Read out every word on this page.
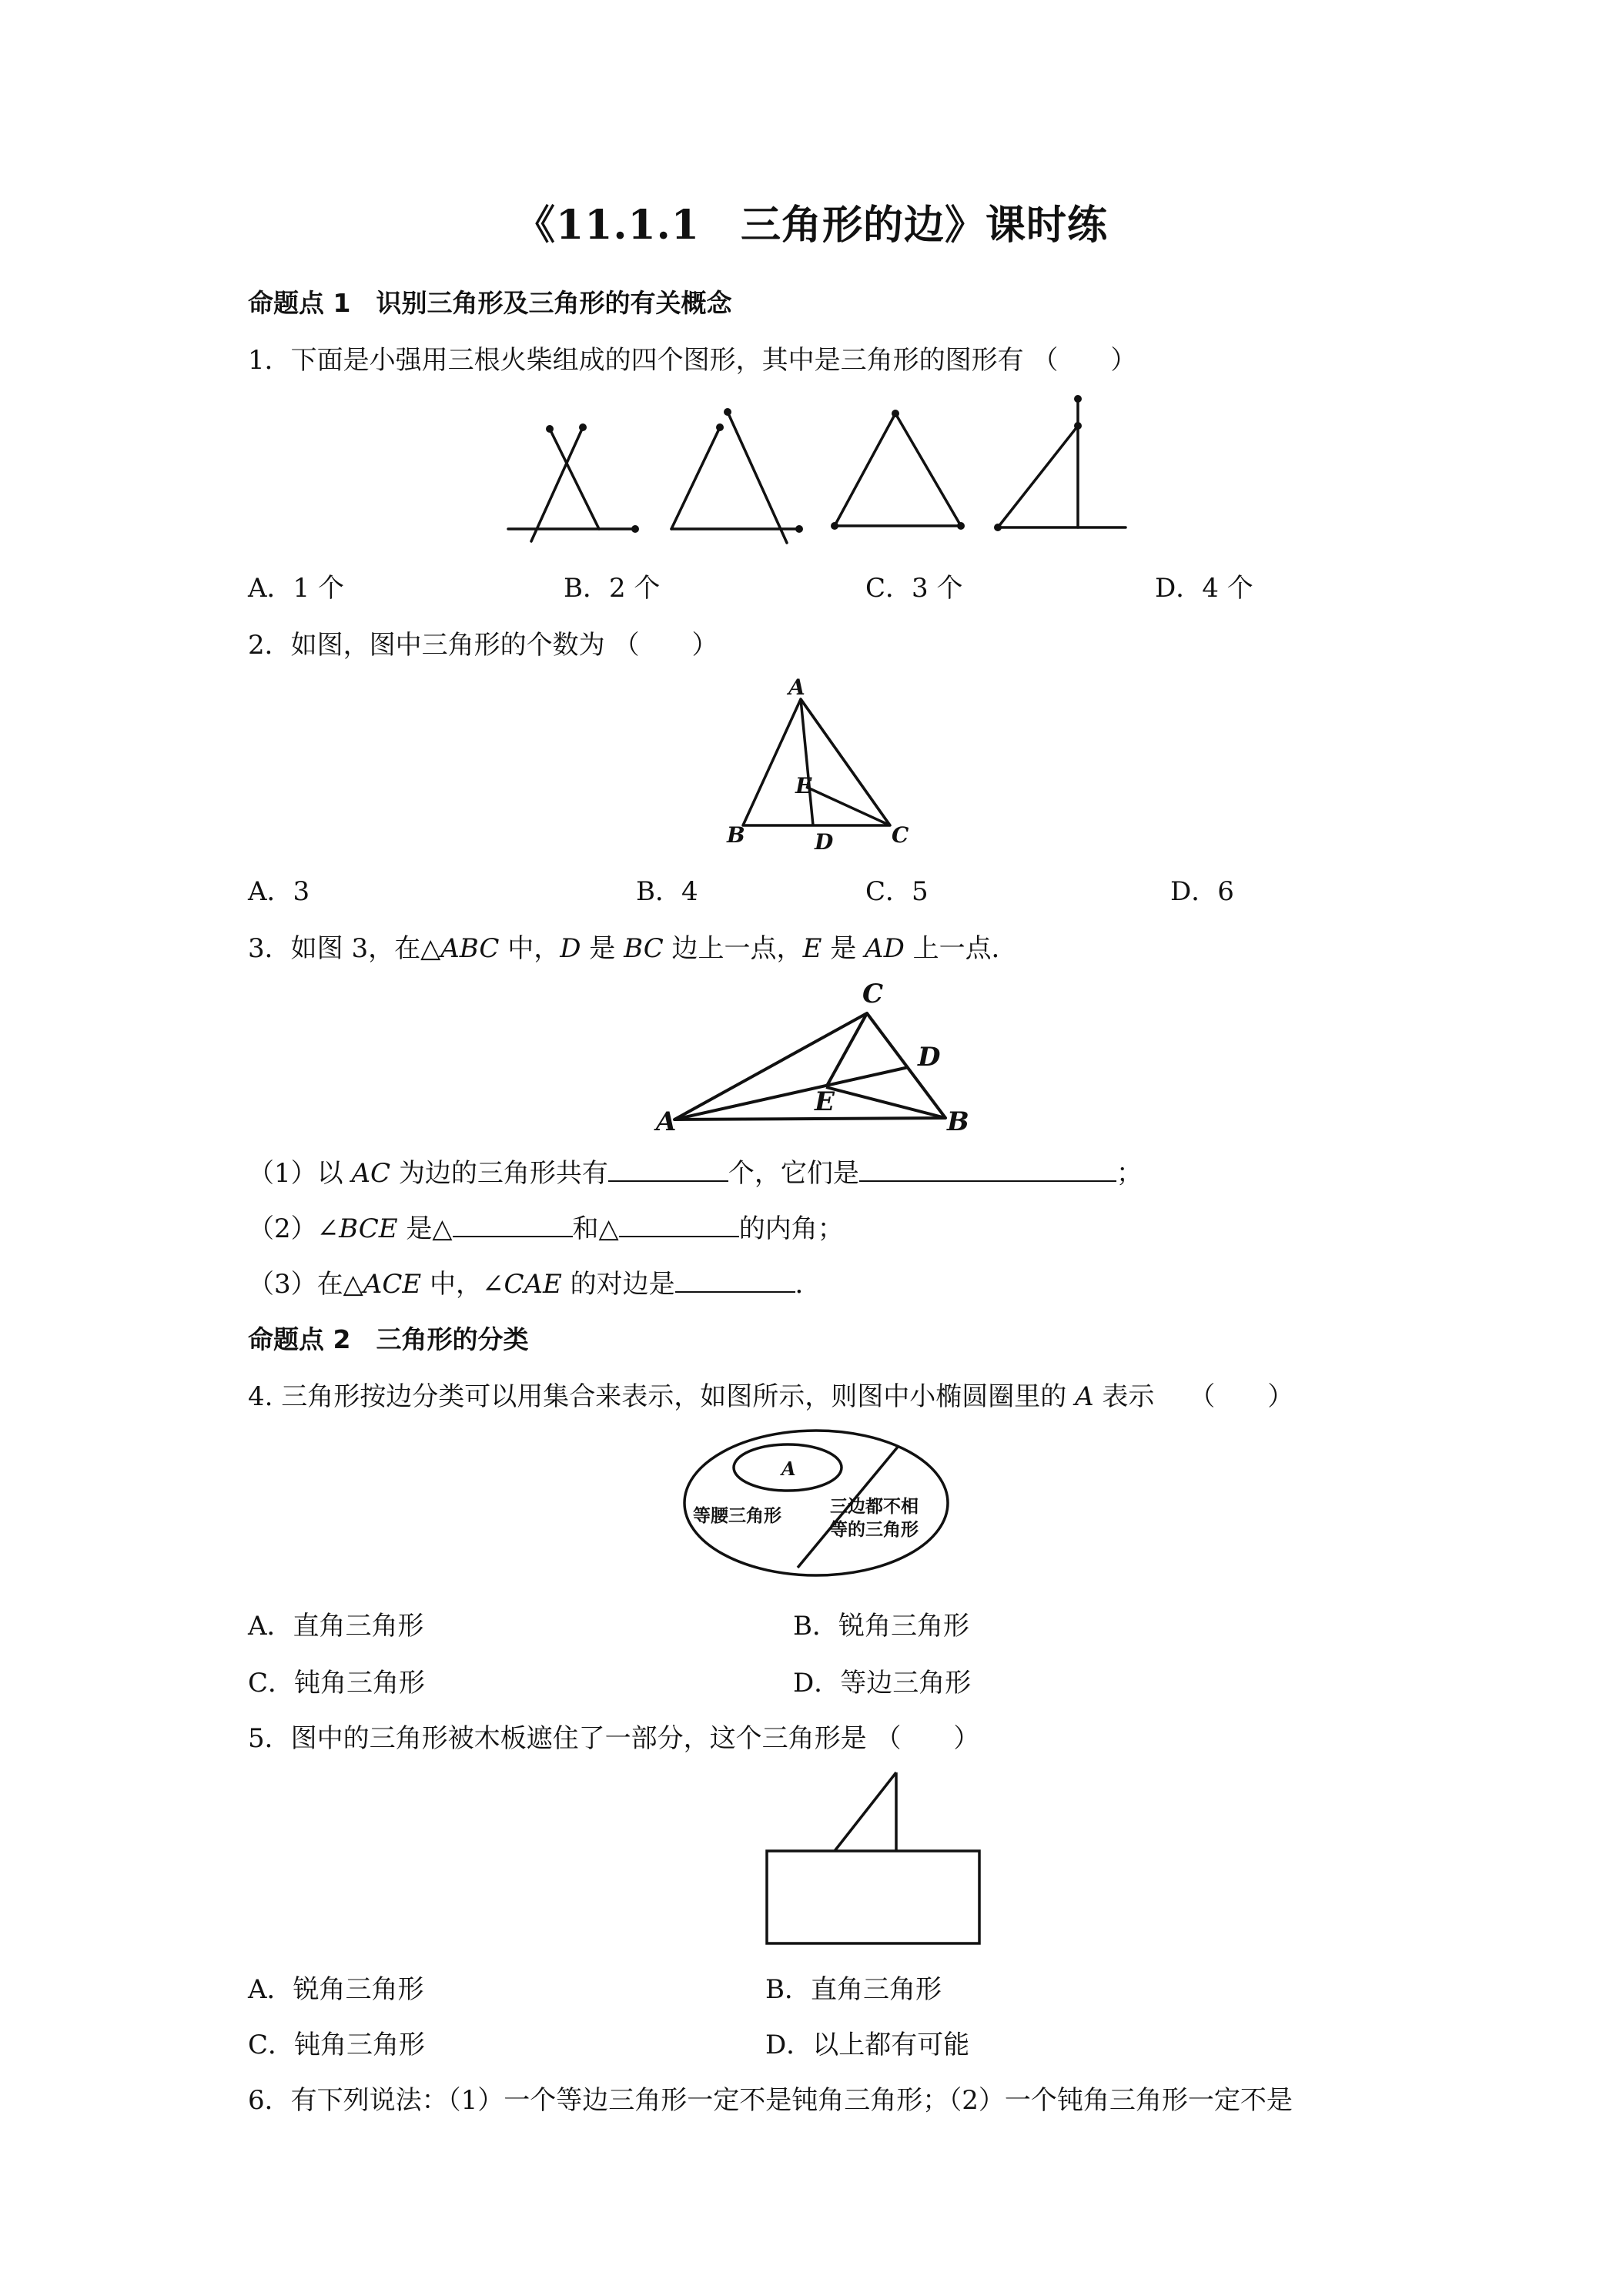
《11.1.1　三角形的边》课时练
命题点 1　识别三角形及三角形的有关概念
1．下面是小强用三根火柴组成的四个图形，其中是三角形的图形有 （　　）
A．1 个	B．2 个	C．3 个	D．4 个
2．如图，图中三角形的个数为 （　　）
A
B	C
D
E
A．3	B．4	C．5	D．6
3．如图 3，在△ABC 中，D 是 BC 边上一点，E 是 AD 上一点．
A	B
C
D
E
（1）以 AC 为边的三角形共有	个，它们是	；
（2）∠BCE 是△	和△	的内角；
（3）在△ACE 中，∠CAE 的对边是	．
命题点 2　三角形的分类
4. 三角形按边分类可以用集合来表示，如图所示，则图中小椭圆圈里的 A 表示　 （　　）
A
等腰三角形	三边都不相
等的三角形
A．直角三角形	B．锐角三角形
C．钝角三角形	D．等边三角形
5．图中的三角形被木板遮住了一部分，这个三角形是 （　　）
A．锐角三角形	B．直角三角形
C．钝角三角形	D．以上都有可能
6．有下列说法：（1）一个等边三角形一定不是钝角三角形；（2）一个钝角三角形一定不是
